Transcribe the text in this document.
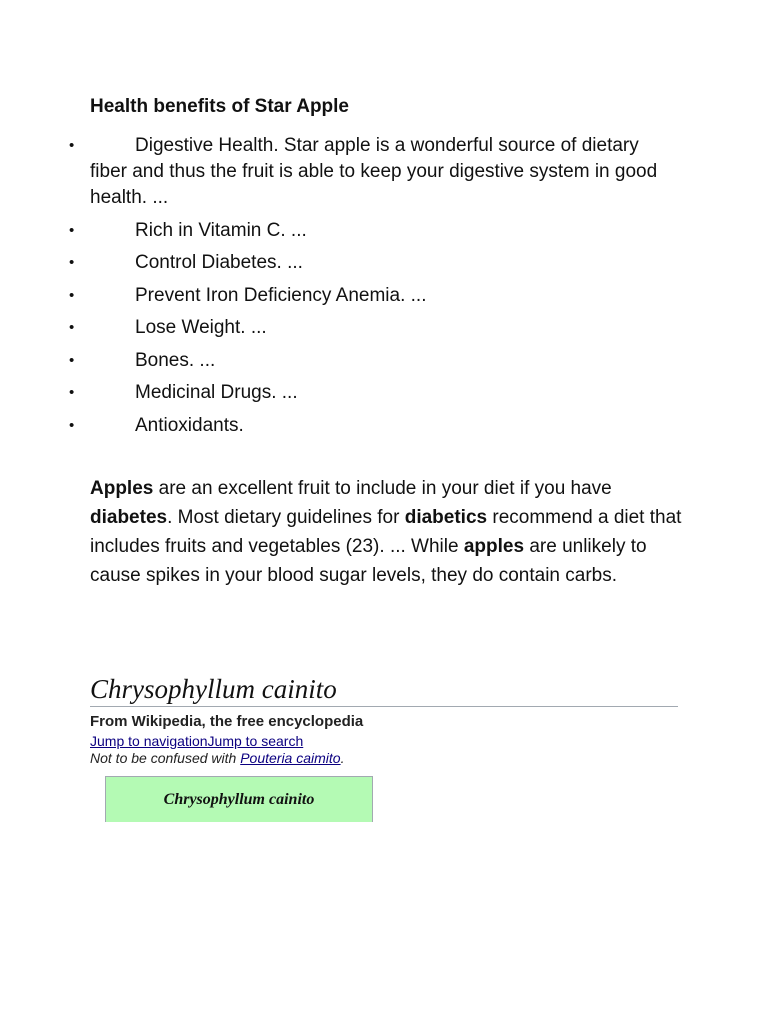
Health benefits of Star Apple
•	Digestive Health. Star apple is a wonderful source of dietary fiber and thus the fruit is able to keep your digestive system in good health. ...
•	Rich in Vitamin C. ...
•	Control Diabetes. ...
•	Prevent Iron Deficiency Anemia. ...
•	Lose Weight. ...
•	Bones. ...
•	Medicinal Drugs. ...
•	Antioxidants.

Apples are an excellent fruit to include in your diet if you have diabetes. Most dietary guidelines for diabetics recommend a diet that includes fruits and vegetables (23). ... While apples are unlikely to cause spikes in your blood sugar levels, they do contain carbs.

Chrysophyllum cainito
From Wikipedia, the free encyclopedia
Jump to navigationJump to search
Not to be confused with Pouteria caimito.
Chrysophyllum cainito
